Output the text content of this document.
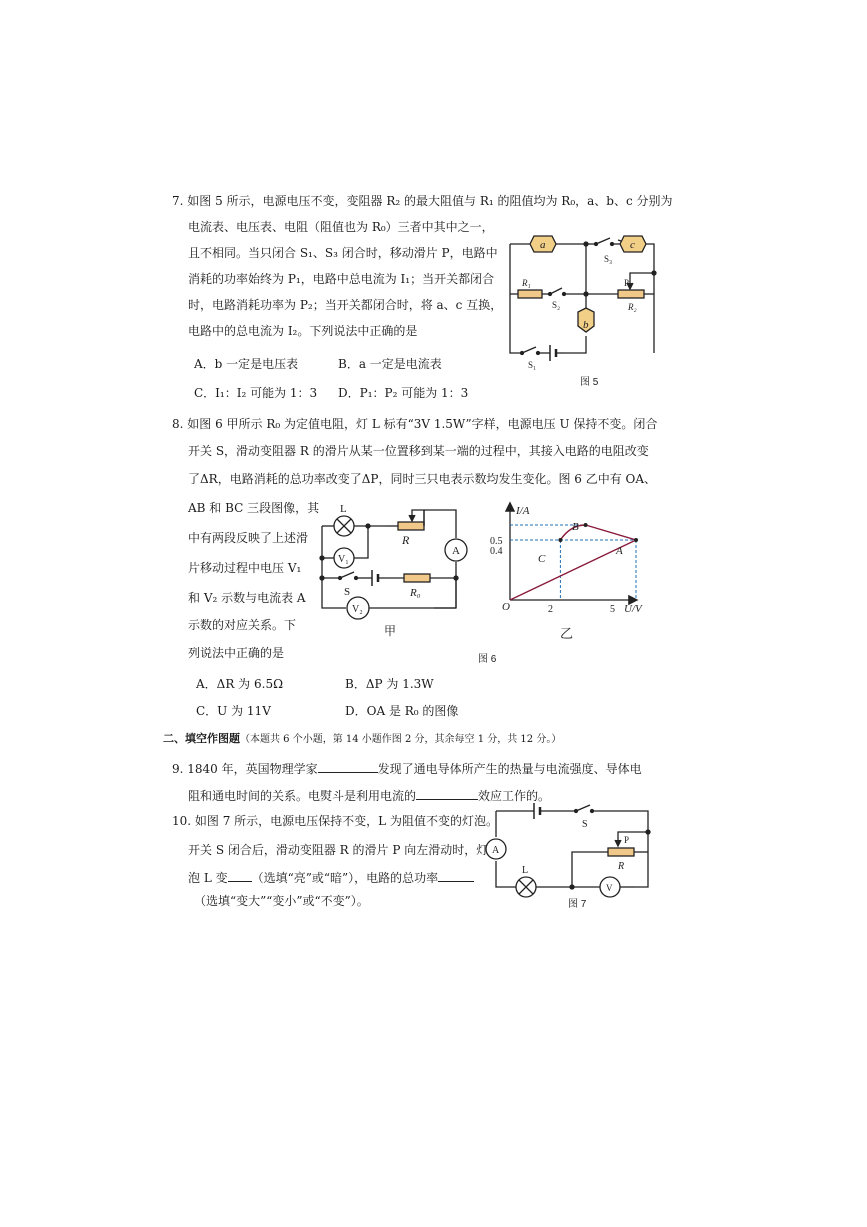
7. 如图 5 所示，电源电压不变，变阻器 R₂ 的最大阻值与 R₁ 的阻值均为 R₀，a、b、c 分别为
电流表、电压表、电阻（阻值也为 R₀）三者中其中之一，
且不相同。当只闭合 S₁、S₃ 闭合时，移动滑片 P，电路中
消耗的功率始终为 P₁，电路中总电流为 I₁；当开关都闭合
时，电路消耗功率为 P₂；当开关都闭合时，将 a、c 互换，
电路中的总电流为 I₂。下列说法中正确的是
A．b 一定是电压表	B．a 一定是电流表
C．I₁：I₂ 可能为 1：3 D．P₁：P₂ 可能为 1：3
a	c
b
S₃
P
R₁
S₂	R₂
S₁
图 5
8. 如图 6 甲所示 R₀ 为定值电阻，灯 L 标有“3V 1.5W”字样，电源电压 U 保持不变。闭合
开关 S，滑动变阻器 R 的滑片从某一位置移到某一端的过程中，其接入电路的电阻改变
了ΔR，电路消耗的总功率改变了ΔP，同时三只电表示数均发生变化。图 6 乙中有 OA、
AB 和 BC 三段图像，其
中有两段反映了上述滑
片移动过程中电压 V₁
和 V₂ 示数与电流表 A
示数的对应关系。下
列说法中正确的是
A．ΔR 为 6.5Ω	B．ΔP 为 1.3W
C．U 为 11V	D．OA 是 R₀ 的图像
L
R
V₁
A
S	R₀
V₂
甲
I/A
U/V
O
0.5
0.4
2	5
A
B
C
乙
图 6
二、填空作图题（本题共 6 个小题，第 14 小题作图 2 分，其余每空 1 分，共 12 分。）
9. 1840 年，英国物理学家	发现了通电导体所产生的热量与电流强度、导体电
阻和通电时间的关系。电熨斗是利用电流的	效应工作的。
10. 如图 7 所示，电源电压保持不变，L 为阻值不变的灯泡。
开关 S 闭合后，滑动变阻器 R 的滑片 P 向左滑动时，灯
泡 L 变 （选填“亮”或“暗”），电路的总功率
（选填“变大”“变小”或“不变”）。
S
A
P
R
L
V
图 7
